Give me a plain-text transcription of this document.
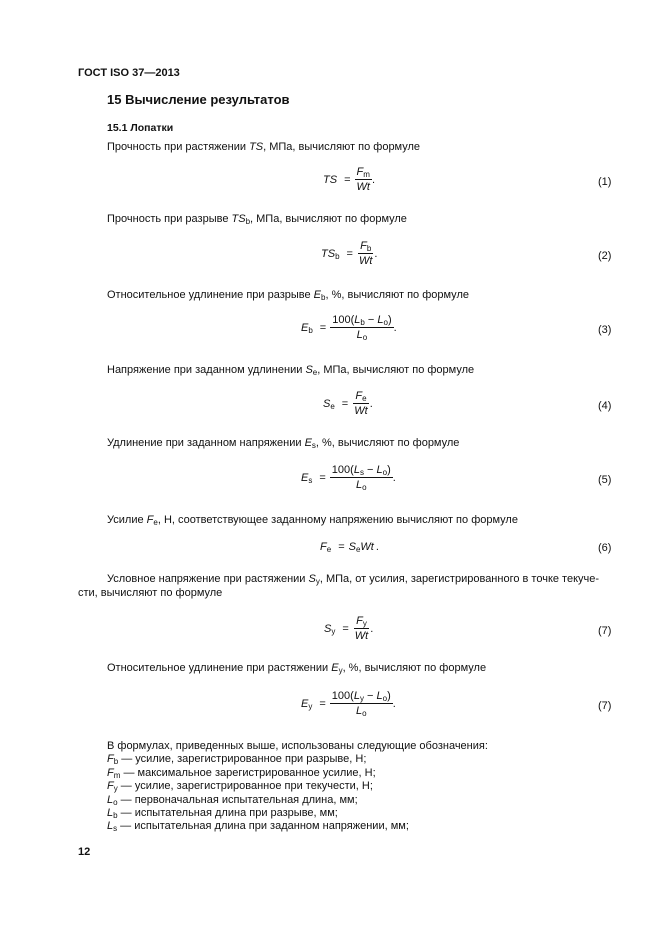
ГОСТ ISO 37—2013
15 Вычисление результатов
15.1 Лопатки
Прочность при растяжении TS, МПа, вычисляют по формуле
TS = $\frac{F_m}{Wt}$ .	(1)
Прочность при разрыве $TS_b$, МПа, вычисляют по формуле
$TS_b = \frac{F_b}{Wt}$ .	(2)
Относительное удлинение при разрыве $E_b$, %, вычисляют по формуле
$E_b = \frac{100(L_b - L_o)}{L_o}$ .	(3)
Напряжение при заданном удлинении $S_e$, МПа, вычисляют по формуле
$S_e = \frac{F_e}{Wt}$ .	(4)
Удлинение при заданном напряжении $E_s$, %, вычисляют по формуле
$E_s = \frac{100(L_s - L_o)}{L_o}$ .	(5)
Усилие $F_e$, Н, соответствующее заданному напряжению вычисляют по формуле
$F_e = S_eWt$ .	(6)
Условное напряжение при растяжении $S_y$, МПа, от усилия, зарегистрированного в точке текуче-
сти, вычисляют по формуле
$S_y = \frac{F_y}{Wt}$ .	(7)
Относительное удлинение при растяжении $E_y$, %, вычисляют по формуле
$E_y = \frac{100(L_y - L_o)}{L_o}$ .	(7)
В формулах, приведенных выше, использованы следующие обозначения:
$F_b$ — усилие, зарегистрированное при разрыве, Н;
$F_m$ — максимальное зарегистрированное усилие, Н;
$F_y$ — усилие, зарегистрированное при текучести, Н;
$L_o$ — первоначальная испытательная длина, мм;
$L_b$ — испытательная длина при разрыве, мм;
$L_s$ — испытательная длина при заданном напряжении, мм;
12
